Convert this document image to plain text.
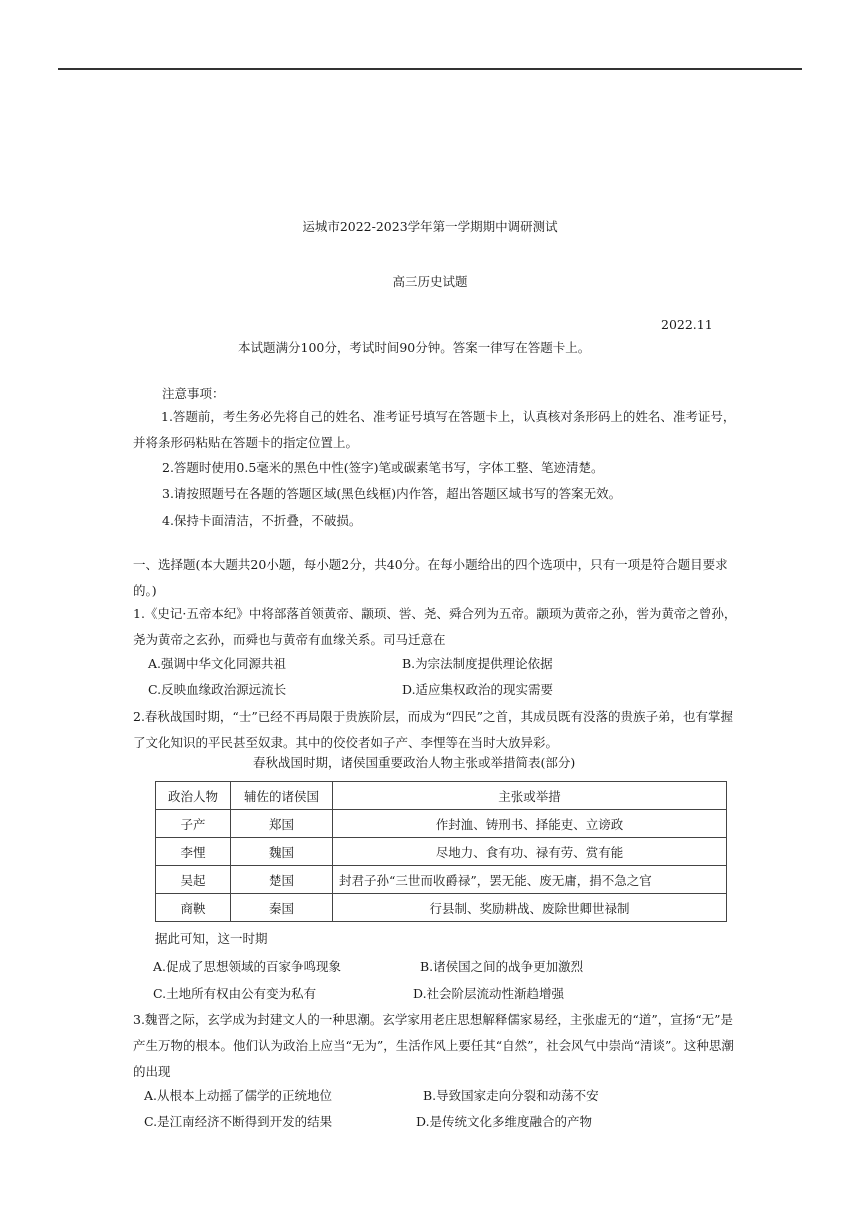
运城市2022-2023学年第一学期期中调研测试
高三历史试题
2022.11
本试题满分100分，考试时间90分钟。答案一律写在答题卡上。
注意事项：
1.答题前，考生务必先将自己的姓名、准考证号填写在答题卡上，认真核对条形码上的姓名、准考证号，并将条形码粘贴在答题卡的指定位置上。
2.答题时使用0.5毫米的黑色中性(签字)笔或碳素笔书写，字体工整、笔迹清楚。
3.请按照题号在各题的答题区域(黑色线框)内作答，超出答题区域书写的答案无效。
4.保持卡面清洁，不折叠，不破损。
一、选择题(本大题共20小题，每小题2分，共40分。在每小题给出的四个选项中，只有一项是符合题目要求的。)
1.《史记·五帝本纪》中将部落首领黄帝、颛顼、喾、尧、舜合列为五帝。颛顼为黄帝之孙，喾为黄帝之曾孙，尧为黄帝之玄孙，而舜也与黄帝有血缘关系。司马迁意在
A.强调中华文化同源共祖	B.为宗法制度提供理论依据
C.反映血缘政治源远流长	D.适应集权政治的现实需要
2.春秋战国时期，“士”已经不再局限于贵族阶层，而成为“四民”之首，其成员既有没落的贵族子弟，也有掌握了文化知识的平民甚至奴隶。其中的佼佼者如子产、李悝等在当时大放异彩。
春秋战国时期，诸侯国重要政治人物主张或举措简表(部分)
政治人物	辅佐的诸侯国	主张或举措
子产	郑国	作封洫、铸刑书、择能吏、立谤政
李悝	魏国	尽地力、食有功、禄有劳、赏有能
吴起	楚国	封君子孙“三世而收爵禄”，罢无能、废无庸，捐不急之官
商鞅	秦国	行县制、奖励耕战、废除世卿世禄制
据此可知，这一时期
A.促成了思想领域的百家争鸣现象	B.诸侯国之间的战争更加激烈
C.土地所有权由公有变为私有	D.社会阶层流动性渐趋增强
3.魏晋之际，玄学成为封建文人的一种思潮。玄学家用老庄思想解释儒家易经，主张虚无的“道”，宣扬“无”是产生万物的根本。他们认为政治上应当“无为”，生活作风上要任其“自然”，社会风气中崇尚“清谈”。这种思潮的出现
A.从根本上动摇了儒学的正统地位	B.导致国家走向分裂和动荡不安
C.是江南经济不断得到开发的结果	D.是传统文化多维度融合的产物
